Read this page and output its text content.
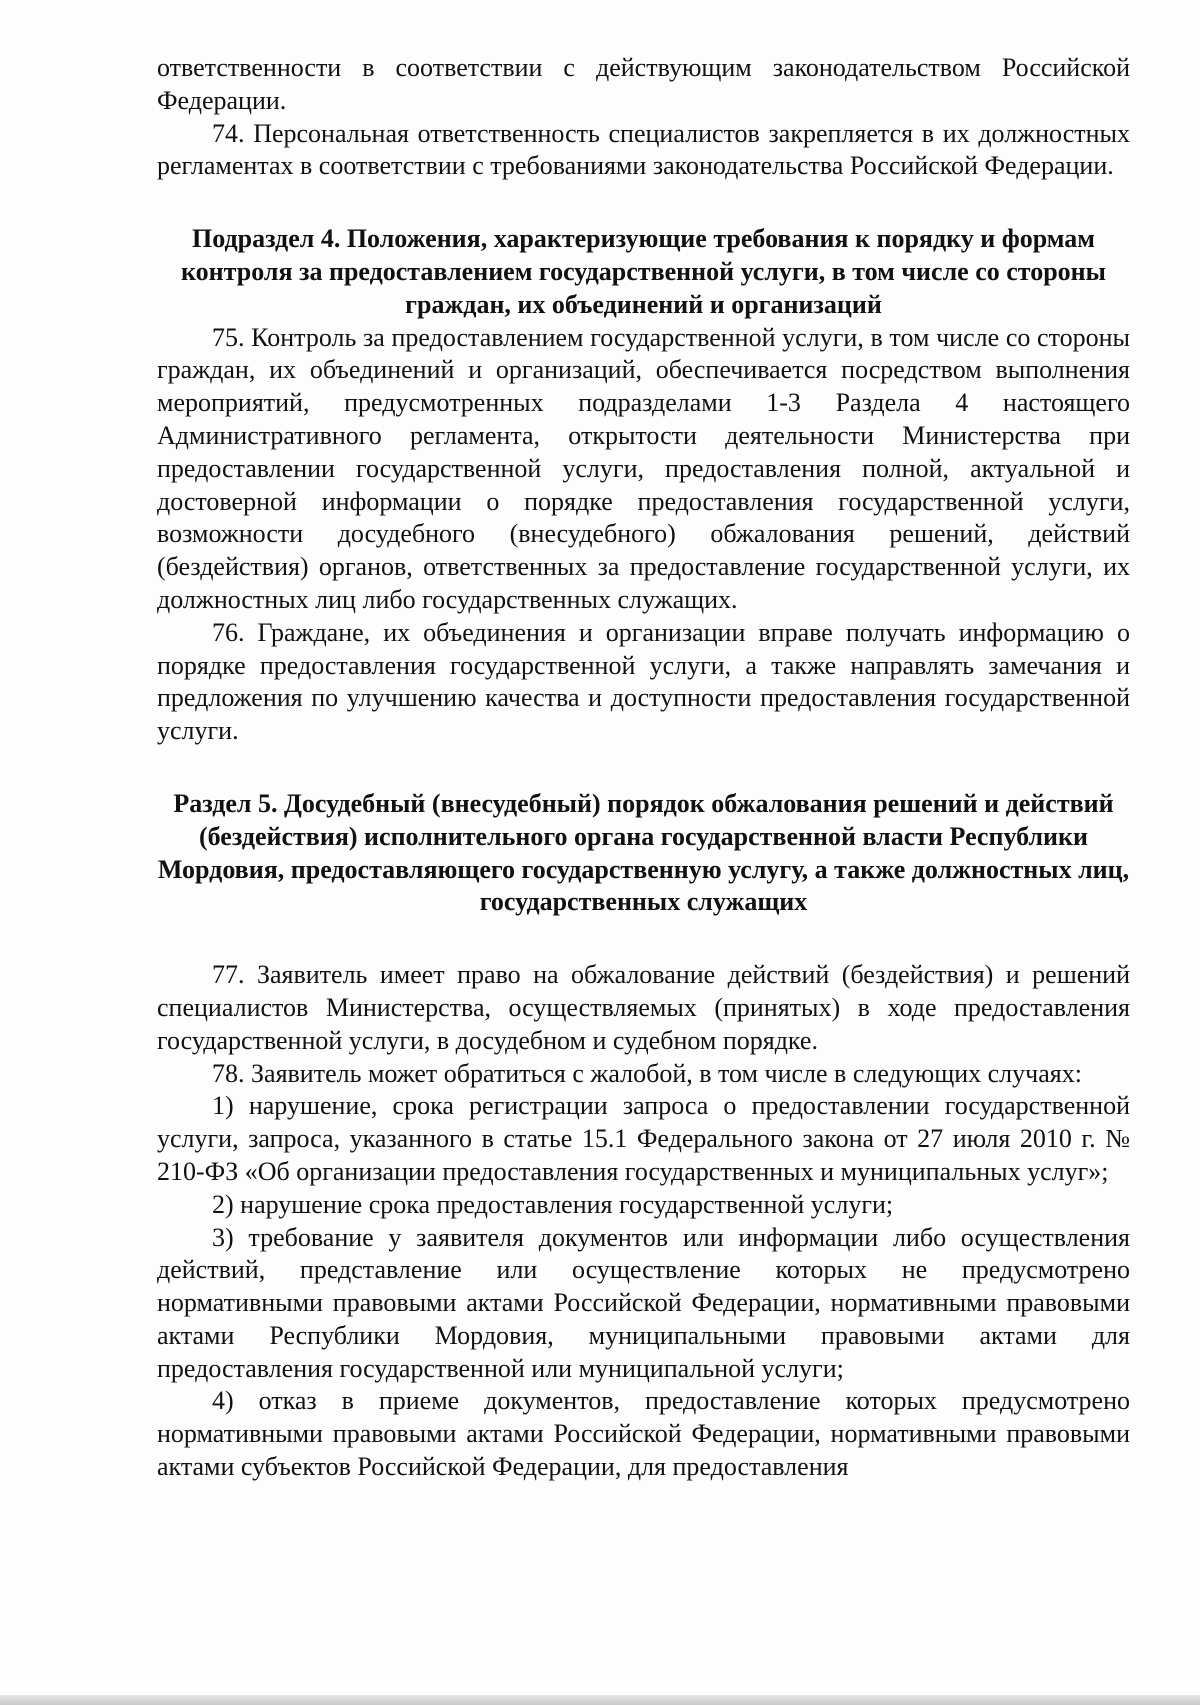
ответственности в соответствии с действующим законодательством Российской Федерации.

74. Персональная ответственность специалистов закрепляется в их должностных регламентах в соответствии с требованиями законодательства Российской Федерации.

Подраздел 4. Положения, характеризующие требования к порядку и формам контроля за предоставлением государственной услуги, в том числе со стороны граждан, их объединений и организаций

75. Контроль за предоставлением государственной услуги, в том числе со стороны граждан, их объединений и организаций, обеспечивается посредством выполнения мероприятий, предусмотренных подразделами 1-3 Раздела 4 настоящего Административного регламента, открытости деятельности Министерства при предоставлении государственной услуги, предоставления полной, актуальной и достоверной информации о порядке предоставления государственной услуги, возможности досудебного (внесудебного) обжалования решений, действий (бездействия) органов, ответственных за предоставление государственной услуги, их должностных лиц либо государственных служащих.

76. Граждане, их объединения и организации вправе получать информацию о порядке предоставления государственной услуги, а также направлять замечания и предложения по улучшению качества и доступности предоставления государственной услуги.

Раздел 5. Досудебный (внесудебный) порядок обжалования решений и действий (бездействия) исполнительного органа государственной власти Республики Мордовия, предоставляющего государственную услугу, а также должностных лиц, государственных служащих

77. Заявитель имеет право на обжалование действий (бездействия) и решений специалистов Министерства, осуществляемых (принятых) в ходе предоставления государственной услуги, в досудебном и судебном порядке.

78. Заявитель может обратиться с жалобой, в том числе в следующих случаях:

1) нарушение, срока регистрации запроса о предоставлении государственной услуги, запроса, указанного в статье 15.1 Федерального закона от 27 июля 2010 г. № 210-ФЗ «Об организации предоставления государственных и муниципальных услуг»;

2) нарушение срока предоставления государственной услуги;

3) требование у заявителя документов или информации либо осуществления действий, представление или осуществление которых не предусмотрено нормативными правовыми актами Российской Федерации, нормативными правовыми актами Республики Мордовия, муниципальными правовыми актами для предоставления государственной или муниципальной услуги;

4) отказ в приеме документов, предоставление которых предусмотрено нормативными правовыми актами Российской Федерации, нормативными правовыми актами субъектов Российской Федерации, для предоставления
